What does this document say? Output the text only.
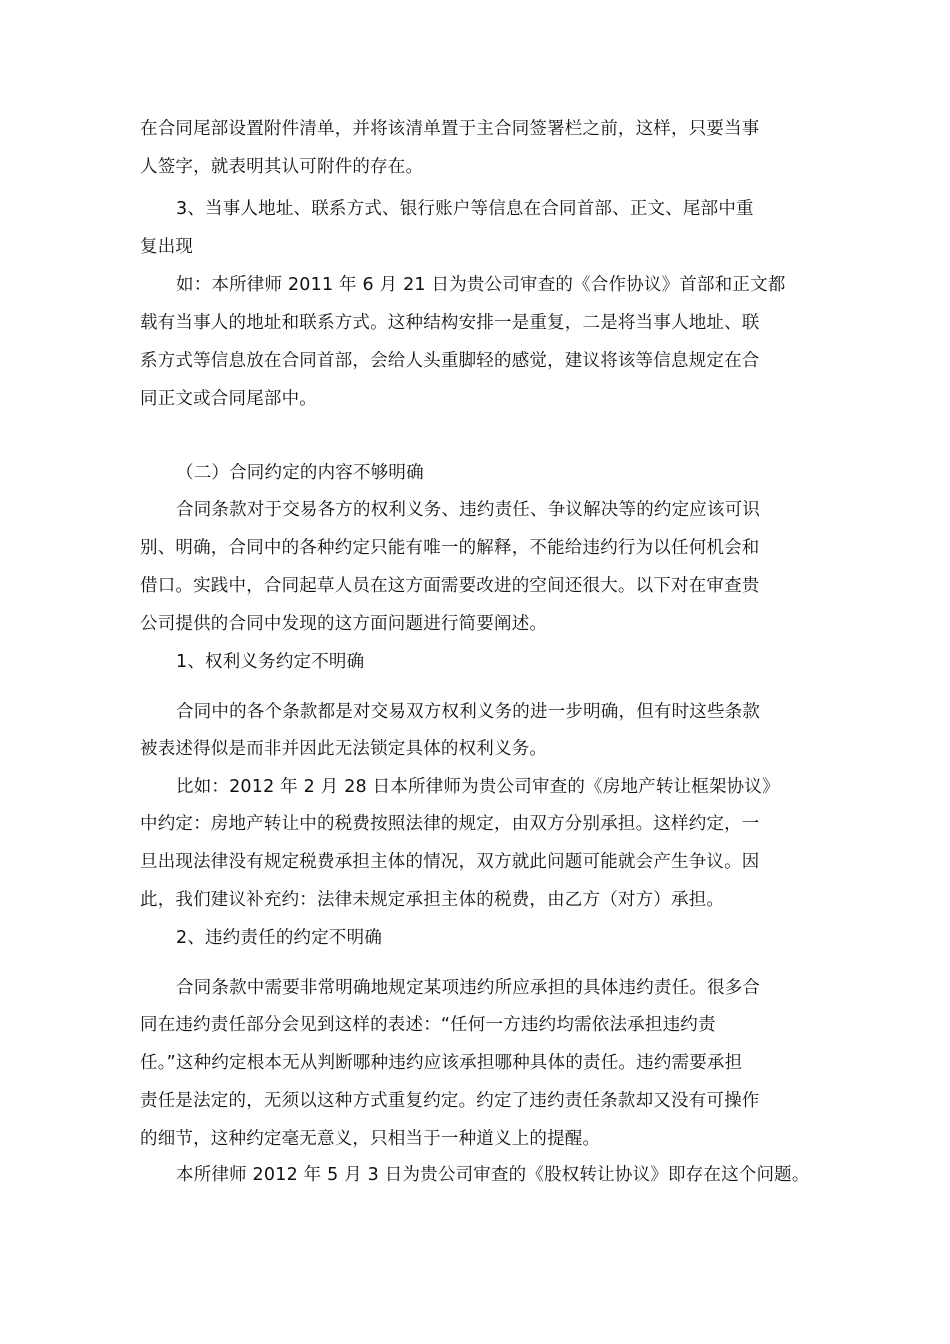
在合同尾部设置附件清单，并将该清单置于主合同签署栏之前，这样，只要当事
人签字，就表明其认可附件的存在。
3、当事人地址、联系方式、银行账户等信息在合同首部、正文、尾部中重
复出现
如：本所律师 2011 年 6 月 21 日为贵公司审查的《合作协议》首部和正文都
载有当事人的地址和联系方式。这种结构安排一是重复，二是将当事人地址、联
系方式等信息放在合同首部，会给人头重脚轻的感觉，建议将该等信息规定在合
同正文或合同尾部中。
（二）合同约定的内容不够明确
合同条款对于交易各方的权利义务、违约责任、争议解决等的约定应该可识
别、明确，合同中的各种约定只能有唯一的解释，不能给违约行为以任何机会和
借口。实践中，合同起草人员在这方面需要改进的空间还很大。以下对在审查贵
公司提供的合同中发现的这方面问题进行简要阐述。
1、权利义务约定不明确
合同中的各个条款都是对交易双方权利义务的进一步明确，但有时这些条款
被表述得似是而非并因此无法锁定具体的权利义务。
比如：2012 年 2 月 28 日本所律师为贵公司审查的《房地产转让框架协议》
中约定：房地产转让中的税费按照法律的规定，由双方分别承担。这样约定，一
旦出现法律没有规定税费承担主体的情况，双方就此问题可能就会产生争议。因
此，我们建议补充约：法律未规定承担主体的税费，由乙方（对方）承担。
2、违约责任的约定不明确
合同条款中需要非常明确地规定某项违约所应承担的具体违约责任。很多合
同在违约责任部分会见到这样的表述：“任何一方违约均需依法承担违约责
任。”这种约定根本无从判断哪种违约应该承担哪种具体的责任。违约需要承担
责任是法定的，无须以这种方式重复约定。约定了违约责任条款却又没有可操作
的细节，这种约定毫无意义，只相当于一种道义上的提醒。
本所律师 2012 年 5 月 3 日为贵公司审查的《股权转让协议》即存在这个问题。
